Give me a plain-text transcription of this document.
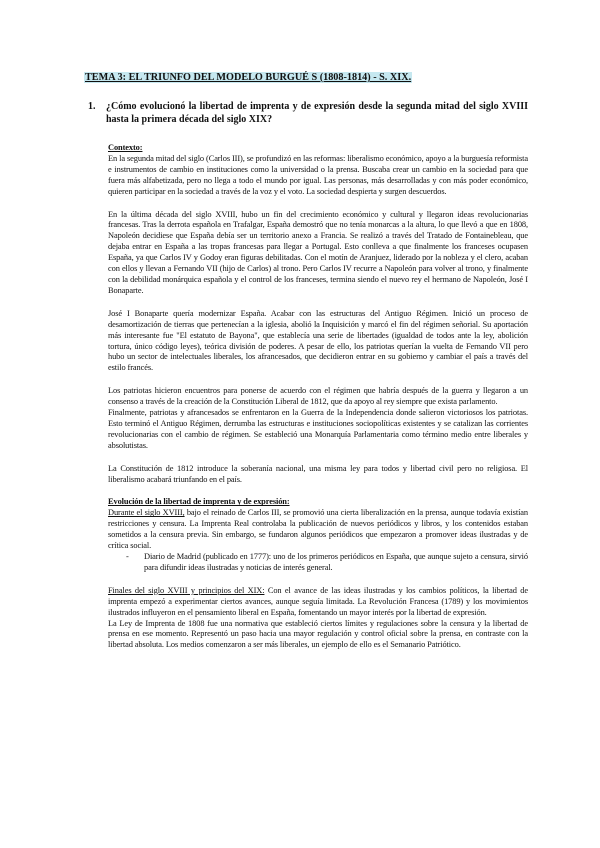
TEMA 3: EL TRIUNFO DEL MODELO BURGUÉ S (1808-1814) - S. XIX.
1. ¿Cómo evolucionó la libertad de imprenta y de expresión desde la segunda mitad del siglo XVIII hasta la primera década del siglo XIX?

Contexto:

En la segunda mitad del siglo (Carlos III), se profundizó en las reformas: liberalismo económico, apoyo a la burguesía reformista e instrumentos de cambio en instituciones como la universidad o la prensa. Buscaba crear un cambio en la sociedad para que fuera más alfabetizada, pero no llega a todo el mundo por igual. Las personas, más desarrolladas y con más poder económico, quieren participar en la sociedad a través de la voz y el voto. La sociedad despierta y surgen descuerdos.

En la última década del siglo XVIII, hubo un fin del crecimiento económico y cultural y llegaron ideas revolucionarias francesas. Tras la derrota española en Trafalgar, España demostró que no tenía monarcas a la altura, lo que llevó a que en 1808, Napoleón decidiese que España debía ser un territorio anexo a Francia. Se realizó a través del Tratado de Fontainebleau, que dejaba entrar en España a las tropas francesas para llegar a Portugal. Esto conlleva a que finalmente los franceses ocupasen España, ya que Carlos IV y Godoy eran figuras debilitadas. Con el motín de Aranjuez, liderado por la nobleza y el clero, acaban con ellos y llevan a Fernando VII (hijo de Carlos) al trono. Pero Carlos IV recurre a Napoleón para volver al trono, y finalmente con la debilidad monárquica española y el control de los franceses, termina siendo el nuevo rey el hermano de Napoleón, José I Bonaparte.

José I Bonaparte quería modernizar España. Acabar con las estructuras del Antiguo Régimen. Inició un proceso de desamortización de tierras que pertenecían a la iglesia, abolió la Inquisición y marcó el fin del régimen señorial. Su aportación más interesante fue "El estatuto de Bayona", que establecía una serie de libertades (igualdad de todos ante la ley, abolición tortura, único código leyes), teórica división de poderes. A pesar de ello, los patriotas querían la vuelta de Fernando VII pero hubo un sector de intelectuales liberales, los afrancesados, que decidieron entrar en su gobierno y cambiar el país a través del estilo francés.

Los patriotas hicieron encuentros para ponerse de acuerdo con el régimen que habría después de la guerra y llegaron a un consenso a través de la creación de la Constitución Liberal de 1812, que da apoyo al rey siempre que exista parlamento.

Finalmente, patriotas y afrancesados se enfrentaron en la Guerra de la Independencia donde salieron victoriosos los patriotas. Esto terminó el Antiguo Régimen, derrumba las estructuras e instituciones sociopolíticas existentes y se catalizan las corrientes revolucionarias con el cambio de régimen. Se estableció una Monarquía Parlamentaria como término medio entre liberales y absolutistas.

La Constitución de 1812 introduce la soberanía nacional, una misma ley para todos y libertad civil pero no religiosa. El liberalismo acabará triunfando en el país.

Evolución de la libertad de imprenta y de expresión:

Durante el siglo XVIII, bajo el reinado de Carlos III, se promovió una cierta liberalización en la prensa, aunque todavía existían restricciones y censura. La Imprenta Real controlaba la publicación de nuevos periódicos y libros, y los contenidos estaban sometidos a la censura previa. Sin embargo, se fundaron algunos periódicos que empezaron a promover ideas ilustradas y de crítica social.

- Diario de Madrid (publicado en 1777): uno de los primeros periódicos en España, que aunque sujeto a censura, sirvió para difundir ideas ilustradas y noticias de interés general.

Finales del siglo XVIII y principios del XIX: Con el avance de las ideas ilustradas y los cambios políticos, la libertad de imprenta empezó a experimentar ciertos avances, aunque seguía limitada. La Revolución Francesa (1789) y los movimientos ilustrados influyeron en el pensamiento liberal en España, fomentando un mayor interés por la libertad de expresión.

La Ley de Imprenta de 1808 fue una normativa que estableció ciertos límites y regulaciones sobre la censura y la libertad de prensa en ese momento. Representó un paso hacia una mayor regulación y control oficial sobre la prensa, en contraste con la libertad absoluta. Los medios comenzaron a ser más liberales, un ejemplo de ello es el Semanario Patriótico.
